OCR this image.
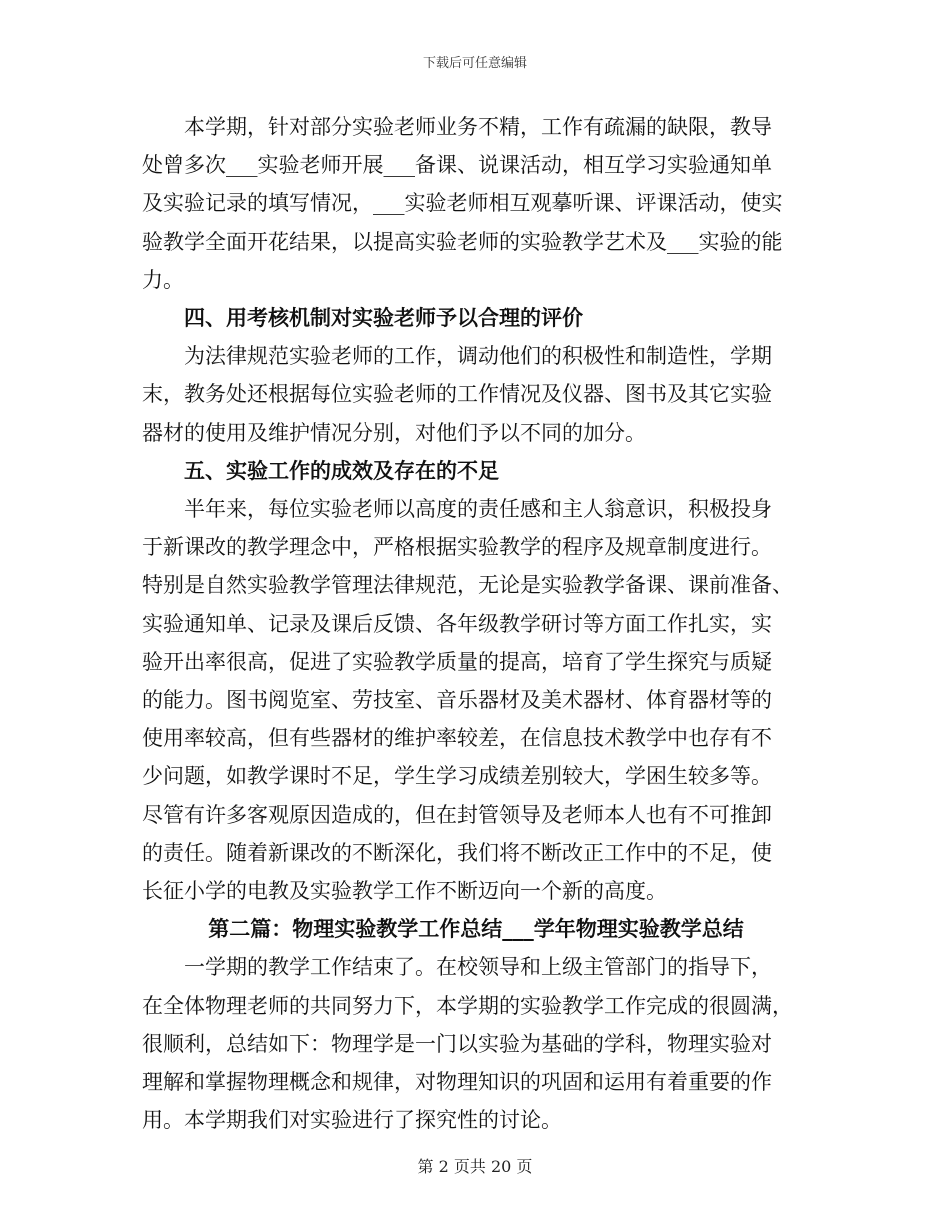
下载后可任意编辑
本学期，针对部分实验老师业务不精，工作有疏漏的缺限，教导
处曾多次___实验老师开展___备课、说课活动，相互学习实验通知单
及实验记录的填写情况，___实验老师相互观摹听课、评课活动，使实
验教学全面开花结果，以提高实验老师的实验教学艺术及___实验的能
力。
四、用考核机制对实验老师予以合理的评价
为法律规范实验老师的工作，调动他们的积极性和制造性，学期
末，教务处还根据每位实验老师的工作情况及仪器、图书及其它实验
器材的使用及维护情况分别，对他们予以不同的加分。
五、实验工作的成效及存在的不足
半年来，每位实验老师以高度的责任感和主人翁意识，积极投身
于新课改的教学理念中，严格根据实验教学的程序及规章制度进行。
特别是自然实验教学管理法律规范，无论是实验教学备课、课前准备、
实验通知单、记录及课后反馈、各年级教学研讨等方面工作扎实，实
验开出率很高，促进了实验教学质量的提高，培育了学生探究与质疑
的能力。图书阅览室、劳技室、音乐器材及美术器材、体育器材等的
使用率较高，但有些器材的维护率较差，在信息技术教学中也存有不
少问题，如教学课时不足，学生学习成绩差别较大，学困生较多等。
尽管有许多客观原因造成的，但在封管领导及老师本人也有不可推卸
的责任。随着新课改的不断深化，我们将不断改正工作中的不足，使
长征小学的电教及实验教学工作不断迈向一个新的高度。
第二篇：物理实验教学工作总结___学年物理实验教学总结
一学期的教学工作结束了。在校领导和上级主管部门的指导下，
在全体物理老师的共同努力下，本学期的实验教学工作完成的很圆满，
很顺利，总结如下：物理学是一门以实验为基础的学科，物理实验对
理解和掌握物理概念和规律，对物理知识的巩固和运用有着重要的作
用。本学期我们对实验进行了探究性的讨论。
第 2 页共 20 页
